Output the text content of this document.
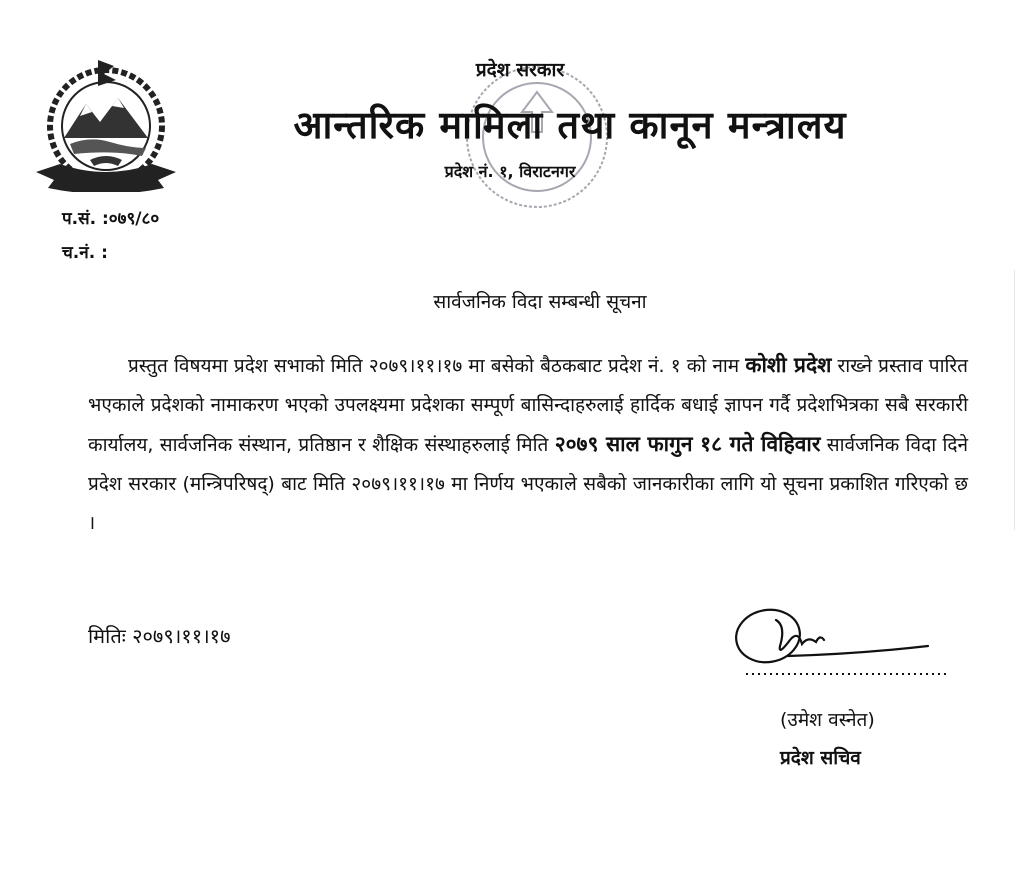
प्रदेश सरकार
आन्तरिक मामिला तथा कानून मन्त्रालय
प्रदेश नं. १, विराटनगर
प.सं. :०७९/८०
च.नं. :
सार्वजनिक विदा सम्बन्धी सूचना
प्रस्तुत विषयमा प्रदेश सभाको मिति २०७९।११।१७ मा बसेको बैठकबाट प्रदेश नं. १ को नाम कोशी प्रदेश राख्ने प्रस्ताव पारित भएकाले प्रदेशको नामाकरण भएको उपलक्ष्यमा प्रदेशका सम्पूर्ण बासिन्दाहरुलाई हार्दिक बधाई ज्ञापन गर्दै प्रदेशभित्रका सबै सरकारी कार्यालय, सार्वजनिक संस्थान, प्रतिष्ठान र शैक्षिक संस्थाहरुलाई मिति २०७९ साल फागुन १८ गते विहिवार सार्वजनिक विदा दिने प्रदेश सरकार (मन्त्रिपरिषद्) बाट मिति २०७९।११।१७ मा निर्णय भएकाले सबैको जानकारीका लागि यो सूचना प्रकाशित गरिएको छ ।
मितिः २०७९।११।१७
(उमेश वस्नेत)
प्रदेश सचिव
